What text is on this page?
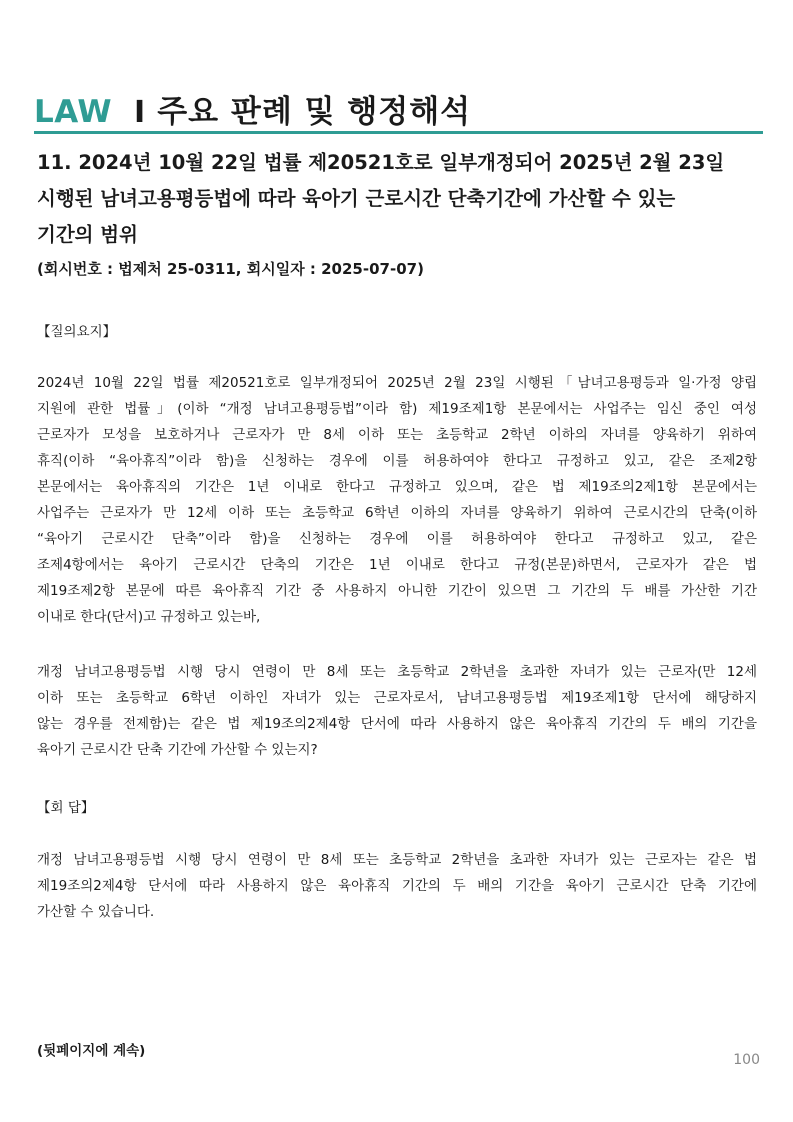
LAW I 주요 판례 및 행정해석
11. 2024년 10월 22일 법률 제20521호로 일부개정되어 2025년 2월 23일
시행된 남녀고용평등법에 따라 육아기 근로시간 단축기간에 가산할 수 있는
기간의 범위
(회시번호 : 법제처 25-0311, 회시일자 : 2025-07-07)
【질의요지】
2024년 10월 22일 법률 제20521호로 일부개정되어 2025년 2월 23일 시행된「남녀고용평등과 일·가정 양립
지원에 관한 법률」(이하 “개정 남녀고용평등법”이라 함) 제19조제1항 본문에서는 사업주는 임신 중인 여성
근로자가 모성을 보호하거나 근로자가 만 8세 이하 또는 초등학교 2학년 이하의 자녀를 양육하기 위하여
휴직(이하 “육아휴직”이라 함)을 신청하는 경우에 이를 허용하여야 한다고 규정하고 있고, 같은 조제2항
본문에서는 육아휴직의 기간은 1년 이내로 한다고 규정하고 있으며, 같은 법 제19조의2제1항 본문에서는
사업주는 근로자가 만 12세 이하 또는 초등학교 6학년 이하의 자녀를 양육하기 위하여 근로시간의 단축(이하
“육아기 근로시간 단축”이라 함)을 신청하는 경우에 이를 허용하여야 한다고 규정하고 있고, 같은
조제4항에서는 육아기 근로시간 단축의 기간은 1년 이내로 한다고 규정(본문)하면서, 근로자가 같은 법
제19조제2항 본문에 따른 육아휴직 기간 중 사용하지 아니한 기간이 있으면 그 기간의 두 배를 가산한 기간
이내로 한다(단서)고 규정하고 있는바,
개정 남녀고용평등법 시행 당시 연령이 만 8세 또는 초등학교 2학년을 초과한 자녀가 있는 근로자(만 12세
이하 또는 초등학교 6학년 이하인 자녀가 있는 근로자로서, 남녀고용평등법 제19조제1항 단서에 해당하지
않는 경우를 전제함)는 같은 법 제19조의2제4항 단서에 따라 사용하지 않은 육아휴직 기간의 두 배의 기간을
육아기 근로시간 단축 기간에 가산할 수 있는지?
【회 답】
개정 남녀고용평등법 시행 당시 연령이 만 8세 또는 초등학교 2학년을 초과한 자녀가 있는 근로자는 같은 법
제19조의2제4항 단서에 따라 사용하지 않은 육아휴직 기간의 두 배의 기간을 육아기 근로시간 단축 기간에
가산할 수 있습니다.
(뒷페이지에 계속)
100
